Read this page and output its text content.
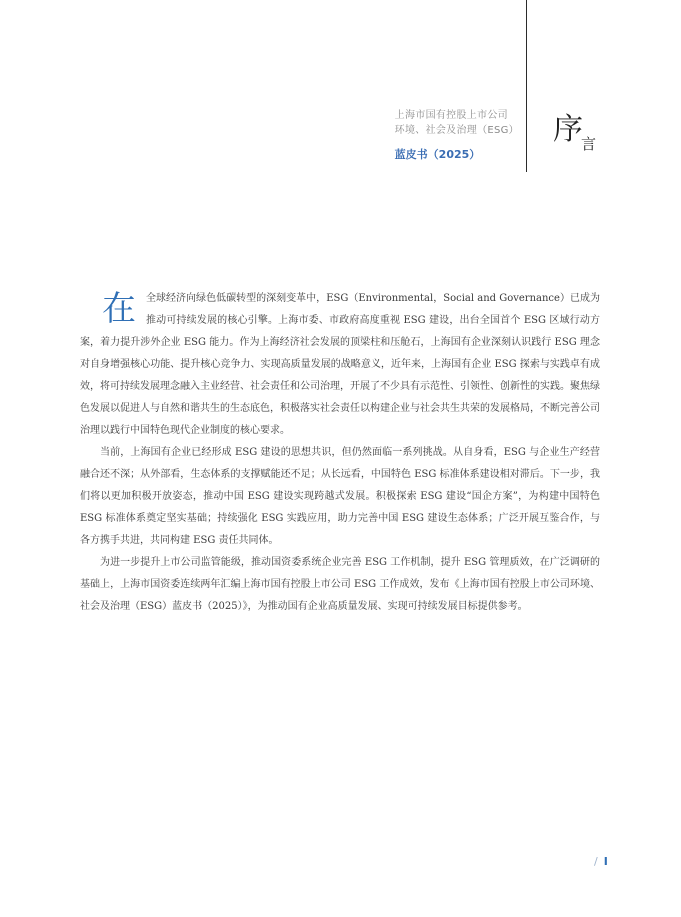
上海市国有控股上市公司
环境、社会及治理（ESG）
蓝皮书（2025）
序言

在 全球经济向绿色低碳转型的深刻变革中，ESG（Environmental，Social and Governance）已成为推动可持续发展的核心引擎。上海市委、市政府高度重视 ESG 建设，出台全国首个 ESG 区域行动方案，着力提升涉外企业 ESG 能力。作为上海经济社会发展的顶梁柱和压舱石，上海国有企业深刻认识践行 ESG 理念对自身增强核心功能、提升核心竞争力、实现高质量发展的战略意义，近年来，上海国有企业 ESG 探索与实践卓有成效，将可持续发展理念融入主业经营、社会责任和公司治理，开展了不少具有示范性、引领性、创新性的实践。聚焦绿色发展以促进人与自然和谐共生的生态底色，积极落实社会责任以构建企业与社会共生共荣的发展格局，不断完善公司治理以践行中国特色现代企业制度的核心要求。

当前，上海国有企业已经形成 ESG 建设的思想共识，但仍然面临一系列挑战。从自身看，ESG 与企业生产经营融合还不深；从外部看，生态体系的支撑赋能还不足；从长远看，中国特色 ESG 标准体系建设相对滞后。下一步，我们将以更加积极开放姿态，推动中国 ESG 建设实现跨越式发展。积极探索 ESG 建设“国企方案”，为构建中国特色 ESG 标准体系奠定坚实基础；持续强化 ESG 实践应用，助力完善中国 ESG 建设生态体系；广泛开展互鉴合作，与各方携手共进，共同构建 ESG 责任共同体。

为进一步提升上市公司监管能级，推动国资委系统企业完善 ESG 工作机制，提升 ESG 管理质效，在广泛调研的基础上，上海市国资委连续两年汇编上海市国有控股上市公司 ESG 工作成效，发布《上海市国有控股上市公司环境、社会及治理（ESG）蓝皮书（2025）》，为推动国有企业高质量发展、实现可持续发展目标提供参考。

/ I
